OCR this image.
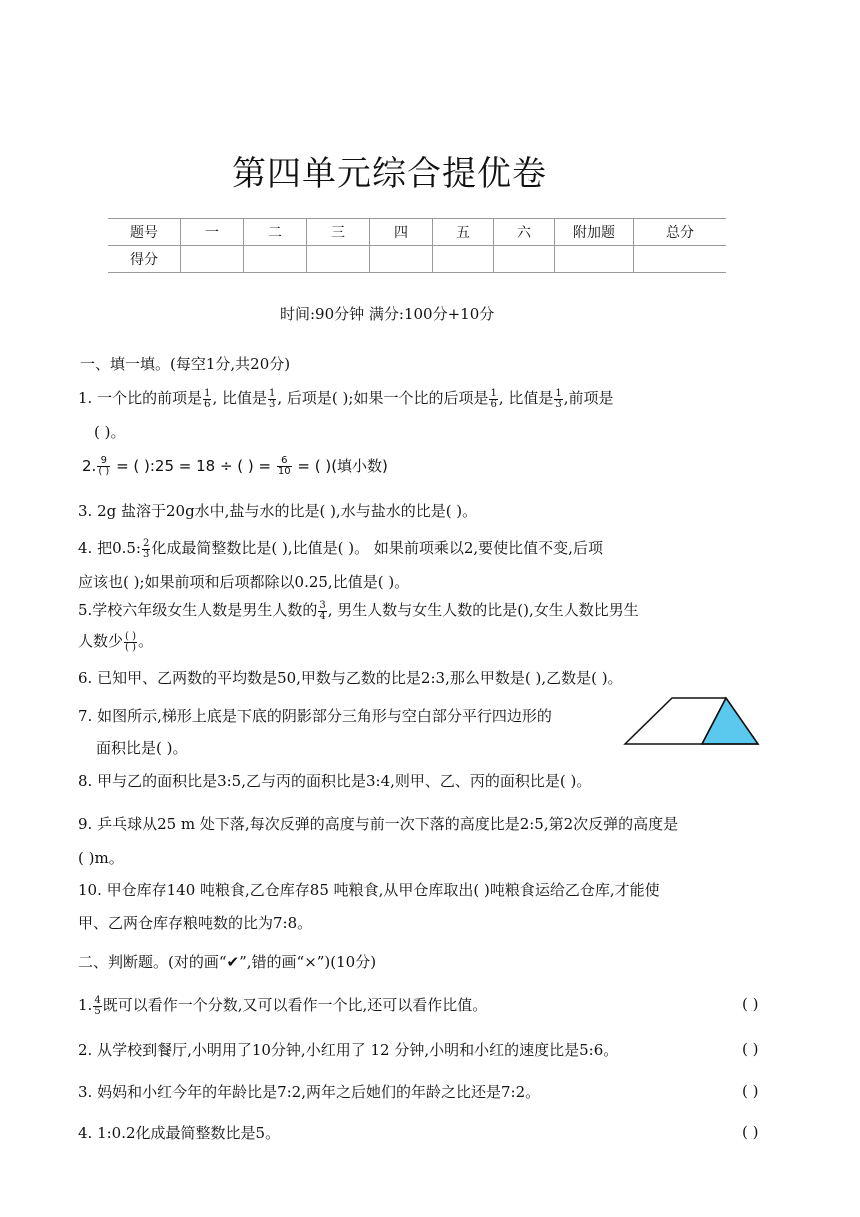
第四单元综合提优卷
题号	一	二	三	四	五	六	附加题	总分
得分								
时间:90分钟 满分:100分+10分
一、填一填。(每空1分,共20分)
1. 一个比的前项是 $\frac{1}{6}$ , 比值是 $\frac{1}{3}$ , 后项是( );如果一个比的后项是 $\frac{1}{6}$ , 比值是 $\frac{1}{3}$ ,前项是
( )。
2. $\frac{9}{( )}$ = ( ):25 = 18 ÷ ( ) = $\frac{6}{10}$ = ( )(填小数)
3. 2g 盐溶于20g水中,盐与水的比是( ),水与盐水的比是( )。
4. 把0.5: $\frac{2}{3}$ 化成最简整数比是( ),比值是( )。 如果前项乘以2,要使比值不变,后项
应该也( );如果前项和后项都除以0.25,比值是( )。
5.学校六年级女生人数是男生人数的 $\frac{3}{4}$ , 男生人数与女生人数的比是(),女生人数比男生
人数少 $\frac{( )}{( )}$ 。
6. 已知甲、乙两数的平均数是50,甲数与乙数的比是2:3,那么甲数是( ),乙数是( )。
7. 如图所示,梯形上底是下底的阴影部分三角形与空白部分平行四边形的
面积比是( )。
8. 甲与乙的面积比是3:5,乙与丙的面积比是3:4,则甲、乙、丙的面积比是( )。
9. 乒乓球从25 m 处下落,每次反弹的高度与前一次下落的高度比是2:5,第2次反弹的高度是
( )m。
10. 甲仓库存140 吨粮食,乙仓库存85 吨粮食,从甲仓库取出( )吨粮食运给乙仓库,才能使
甲、乙两仓库存粮吨数的比为7:8。
二、判断题。(对的画“✔”,错的画“×”)(10分)
1. $\frac{4}{5}$ 既可以看作一个分数,又可以看作一个比,还可以看作比值。	( )
2. 从学校到餐厅,小明用了10分钟,小红用了 12 分钟,小明和小红的速度比是5:6。	( )
3. 妈妈和小红今年的年龄比是7:2,两年之后她们的年龄之比还是7:2。	( )
4. 1:0.2化成最简整数比是5。	( )
